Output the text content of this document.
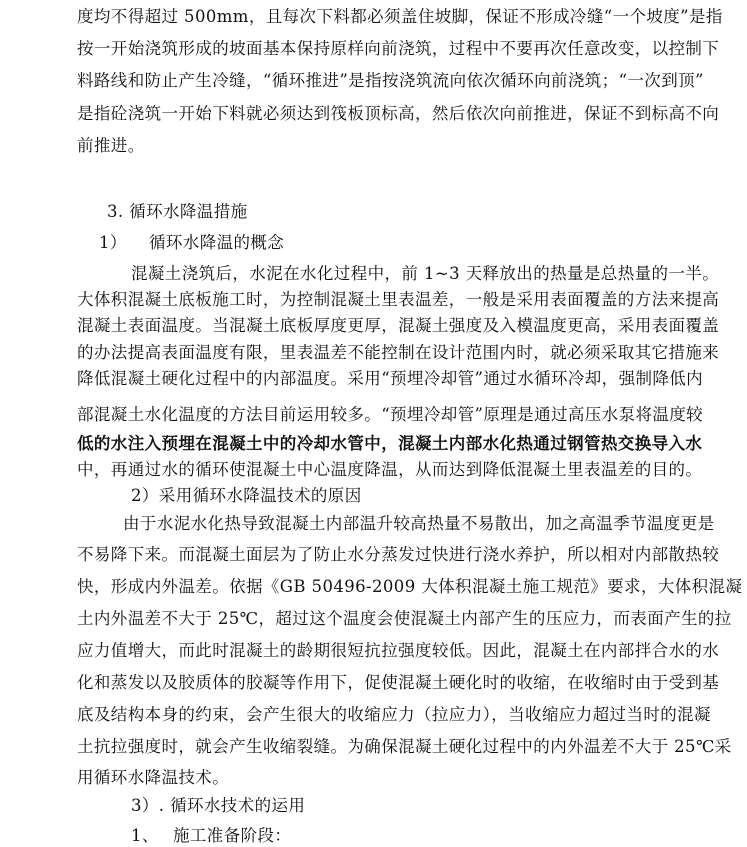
度均不得超过 500mm，且每次下料都必须盖住坡脚，保证不形成冷缝“一个坡度”是指
按一开始浇筑形成的坡面基本保持原样向前浇筑，过程中不要再次任意改变，以控制下
料路线和防止产生冷缝，“循环推进”是指按浇筑流向依次循环向前浇筑；“一次到顶”
是指砼浇筑一开始下料就必须达到筏板顶标高，然后依次向前推进，保证不到标高不向
前推进。
3. 循环水降温措施
1） 循环水降温的概念
混凝土浇筑后，水泥在水化过程中，前 1~3 天释放出的热量是总热量的一半。
大体积混凝土底板施工时，为控制混凝土里表温差，一般是采用表面覆盖的方法来提高
混凝土表面温度。当混凝土底板厚度更厚，混凝土强度及入模温度更高，采用表面覆盖
的办法提高表面温度有限，里表温差不能控制在设计范围内时，就必须采取其它措施来
降低混凝土硬化过程中的内部温度。采用“预埋冷却管”通过水循环冷却，强制降低内
部混凝土水化温度的方法目前运用较多。“预埋冷却管”原理是通过高压水泵将温度较
低的水注入预埋在混凝土中的冷却水管中，混凝土内部水化热通过钢管热交换导入水
中，再通过水的循环使混凝土中心温度降温，从而达到降低混凝土里表温差的目的。
2）采用循环水降温技术的原因
由于水泥水化热导致混凝土内部温升较高热量不易散出，加之高温季节温度更是
不易降下来。而混凝土面层为了防止水分蒸发过快进行浇水养护，所以相对内部散热较
快，形成内外温差。依据《GB 50496-2009 大体积混凝土施工规范》要求，大体积混凝
土内外温差不大于 25℃，超过这个温度会使混凝土内部产生的压应力，而表面产生的拉
应力值增大，而此时混凝土的龄期很短抗拉强度较低。因此，混凝土在内部拌合水的水
化和蒸发以及胶质体的胶凝等作用下，促使混凝土硬化时的收缩，在收缩时由于受到基
底及结构本身的约束，会产生很大的收缩应力（拉应力），当收缩应力超过当时的混凝
土抗拉强度时，就会产生收缩裂缝。为确保混凝土硬化过程中的内外温差不大于 25℃采
用循环水降温技术。
3）. 循环水技术的运用
1、 施工准备阶段：
